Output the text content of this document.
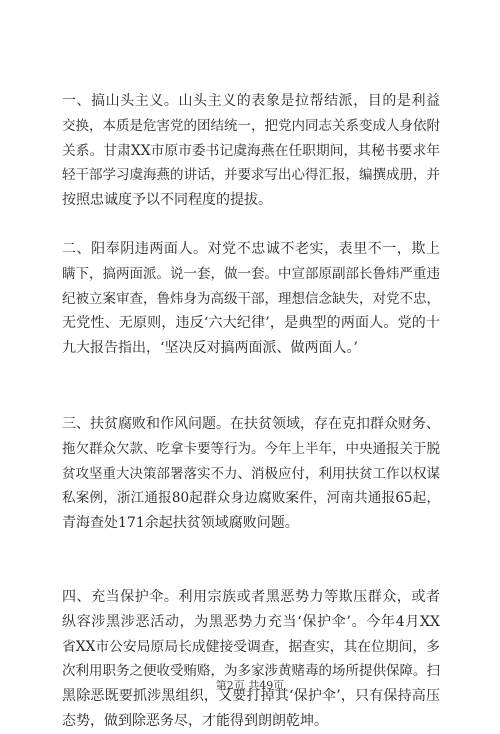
一、搞山头主义。山头主义的表象是拉帮结派，目的是利益
交换，本质是危害党的团结统一，把党内同志关系变成人身依附
关系。甘肃XX市原市委书记虞海燕在任职期间，其秘书要求年
轻干部学习虞海燕的讲话，并要求写出心得汇报，编撰成册，并
按照忠诚度予以不同程度的提拔。
二、阳奉阴违两面人。对党不忠诚不老实，表里不一，欺上
瞒下，搞两面派。说一套，做一套。中宣部原副部长鲁炜严重违
纪被立案审查，鲁炜身为高级干部，理想信念缺失，对党不忠，
无党性、无原则，违反‘六大纪律’，是典型的两面人。党的十
九大报告指出，‘坚决反对搞两面派、做两面人。’
三、扶贫腐败和作风问题。在扶贫领域，存在克扣群众财务、
拖欠群众欠款、吃拿卡要等行为。今年上半年，中央通报关于脱
贫攻坚重大决策部署落实不力、消极应付，利用扶贫工作以权谋
私案例，浙江通报80起群众身边腐败案件，河南共通报65起，
青海查处171余起扶贫领域腐败问题。
四、充当保护伞。利用宗族或者黑恶势力等欺压群众，或者
纵容涉黑涉恶活动，为黑恶势力充当‘保护伞’。今年4月XX
省XX市公安局原局长成健接受调查，据查实，其在位期间，多
次利用职务之便收受贿赂，为多家涉黄赌毒的场所提供保障。扫
黑除恶既要抓涉黑组织，又要打掉其‘保护伞’，只有保持高压
态势，做到除恶务尽，才能得到朗朗乾坤。
第2页 共49页
